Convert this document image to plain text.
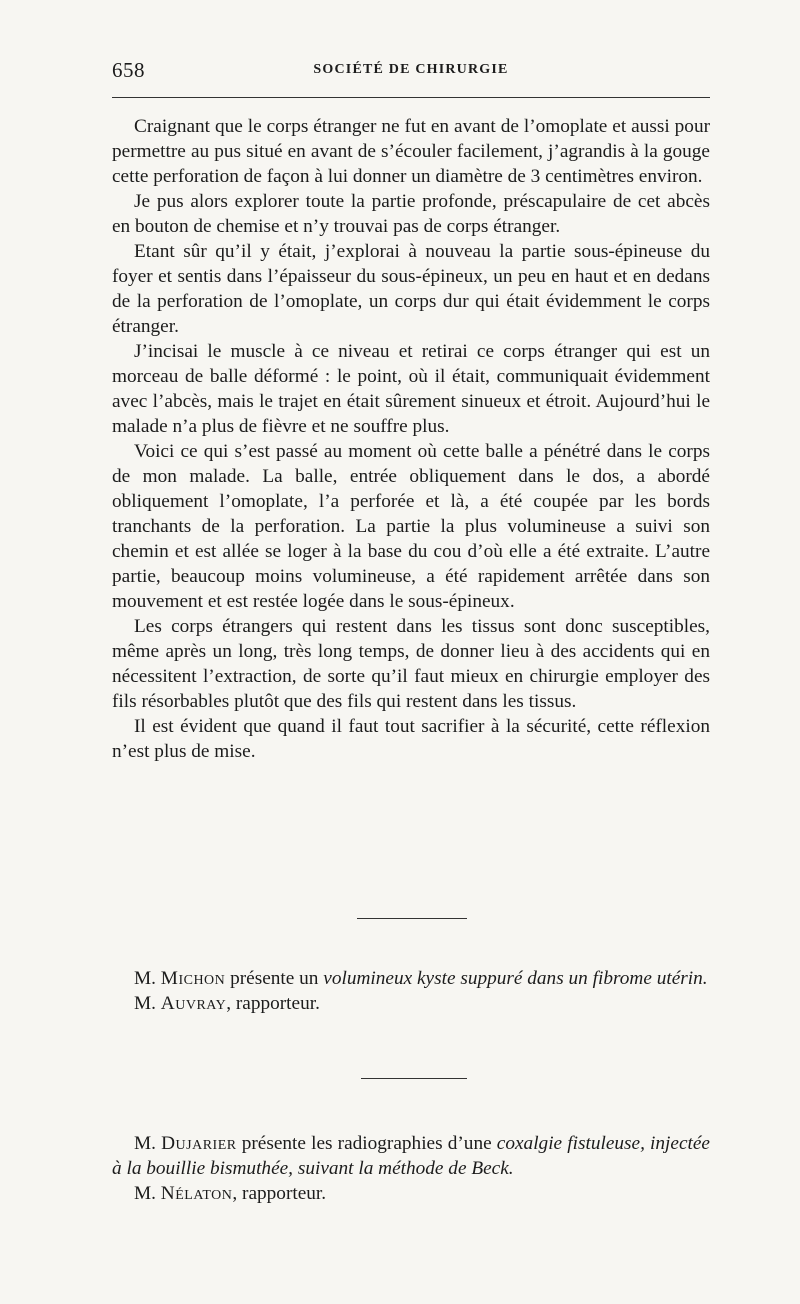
658	SOCIÉTÉ DE CHIRURGIE

Craignant que le corps étranger ne fut en avant de l’omoplate et aussi pour permettre au pus situé en avant de s’écouler facilement, j’agrandis à la gouge cette perforation de façon à lui donner un diamètre de 3 centimètres environ.

Je pus alors explorer toute la partie profonde, préscapulaire de cet abcès en bouton de chemise et n’y trouvai pas de corps étranger.

Etant sûr qu’il y était, j’explorai à nouveau la partie sous-épineuse du foyer et sentis dans l’épaisseur du sous-épineux, un peu en haut et en dedans de la perforation de l’omoplate, un corps dur qui était évidemment le corps étranger.

J’incisai le muscle à ce niveau et retirai ce corps étranger qui est un morceau de balle déformé : le point, où il était, communiquait évidemment avec l’abcès, mais le trajet en était sûrement sinueux et étroit. Aujourd’hui le malade n’a plus de fièvre et ne souffre plus.

Voici ce qui s’est passé au moment où cette balle a pénétré dans le corps de mon malade. La balle, entrée obliquement dans le dos, a abordé obliquement l’omoplate, l’a perforée et là, a été coupée par les bords tranchants de la perforation. La partie la plus volumineuse a suivi son chemin et est allée se loger à la base du cou d’où elle a été extraite. L’autre partie, beaucoup moins volumineuse, a été rapidement arrêtée dans son mouvement et est restée logée dans le sous-épineux.

Les corps étrangers qui restent dans les tissus sont donc susceptibles, même après un long, très long temps, de donner lieu à des accidents qui en nécessitent l’extraction, de sorte qu’il faut mieux en chirurgie employer des fils résorbables plutôt que des fils qui restent dans les tissus.

Il est évident que quand il faut tout sacrifier à la sécurité, cette réflexion n’est plus de mise.

M. Michon présente un volumineux kyste suppuré dans un fibrome utérin.

M. Auvray, rapporteur.

M. Dujarier présente les radiographies d’une coxalgie fistuleuse, injectée à la bouillie bismuthée, suivant la méthode de Beck.

M. Nélaton, rapporteur.
